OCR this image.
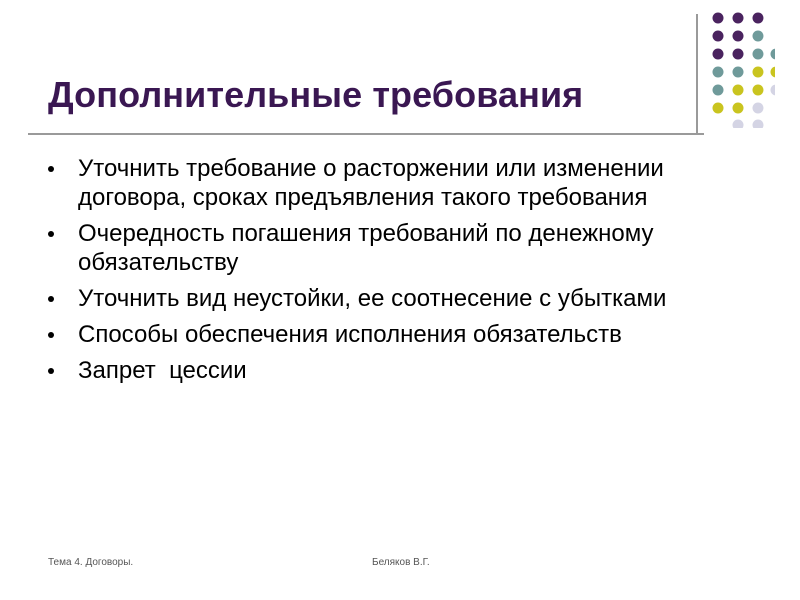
Дополнительные требования
Уточнить требование о расторжении или изменении договора, сроках предъявления такого требования
Очередность погашения требований по денежному обязательству
Уточнить вид неустойки, ее соотнесение с убытками
Способы обеспечения исполнения обязательств
Запрет  цессии
Тема 4. Договоры.	Беляков В.Г.
